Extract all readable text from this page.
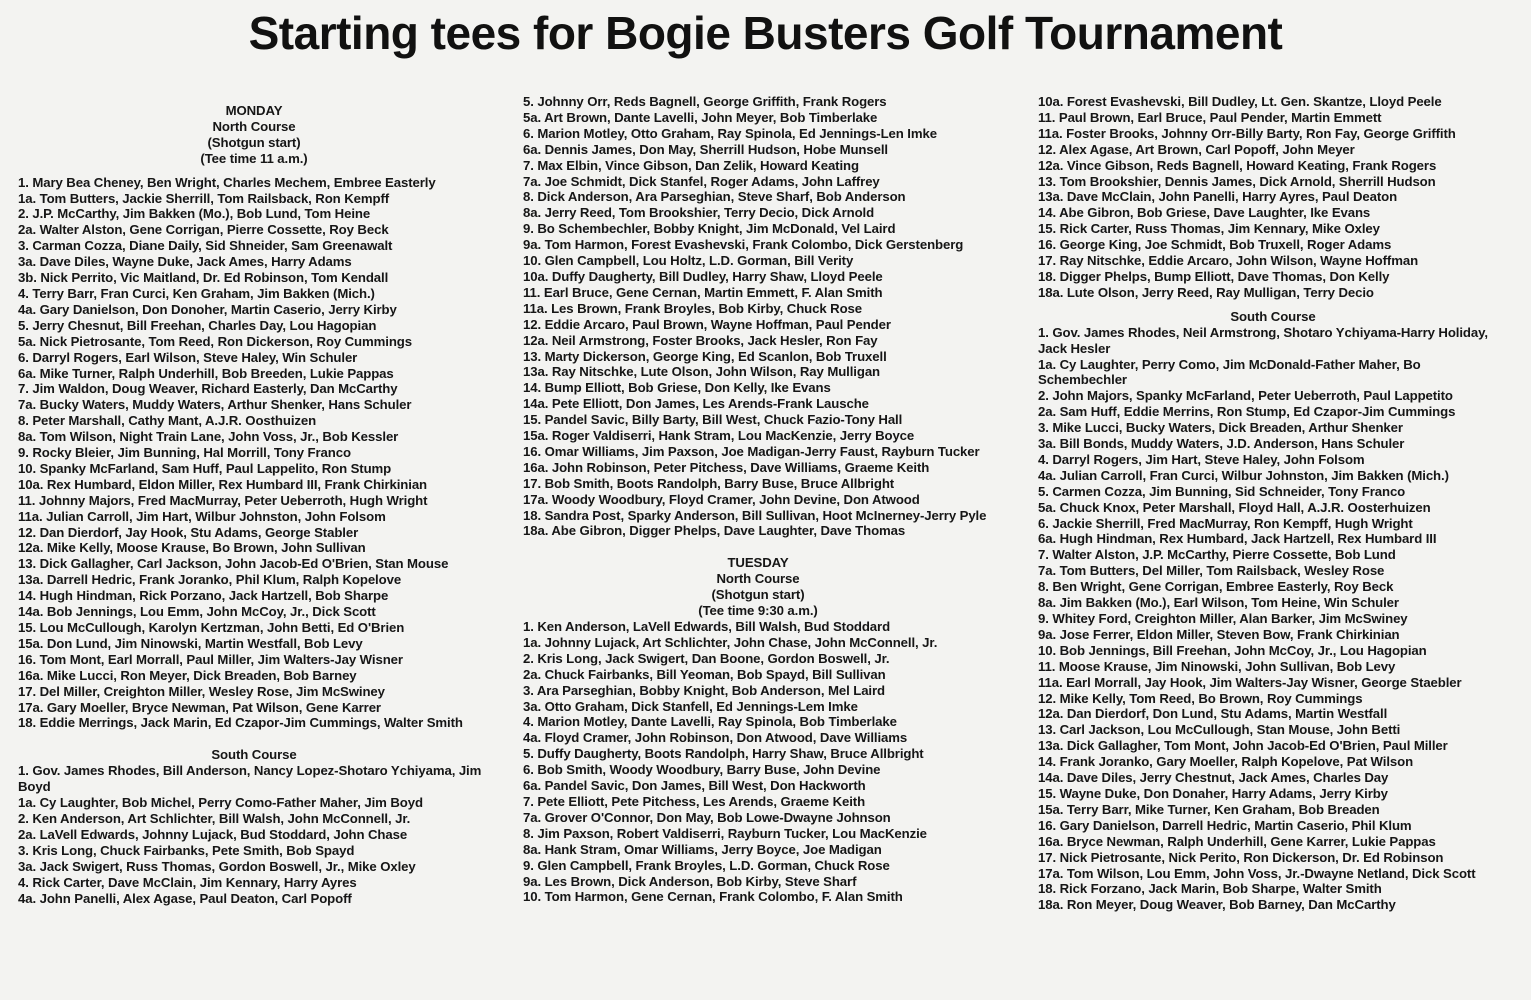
Starting tees for Bogie Busters Golf Tournament
MONDAY
North Course
(Shotgun start)
(Tee time 11 a.m.)
1. Mary Bea Cheney, Ben Wright, Charles Mechem, Embree Easterly
1a. Tom Butters, Jackie Sherrill, Tom Railsback, Ron Kempff
2. J.P. McCarthy, Jim Bakken (Mo.), Bob Lund, Tom Heine
2a. Walter Alston, Gene Corrigan, Pierre Cossette, Roy Beck
3. Carman Cozza, Diane Daily, Sid Shneider, Sam Greenawalt
3a. Dave Diles, Wayne Duke, Jack Ames, Harry Adams
3b. Nick Perrito, Vic Maitland, Dr. Ed Robinson, Tom Kendall
4. Terry Barr, Fran Curci, Ken Graham, Jim Bakken (Mich.)
4a. Gary Danielson, Don Donoher, Martin Caserio, Jerry Kirby
5. Jerry Chesnut, Bill Freehan, Charles Day, Lou Hagopian
5a. Nick Pietrosante, Tom Reed, Ron Dickerson, Roy Cummings
6. Darryl Rogers, Earl Wilson, Steve Haley, Win Schuler
6a. Mike Turner, Ralph Underhill, Bob Breeden, Lukie Pappas
7. Jim Waldon, Doug Weaver, Richard Easterly, Dan McCarthy
7a. Bucky Waters, Muddy Waters, Arthur Shenker, Hans Schuler
8. Peter Marshall, Cathy Mant, A.J.R. Oosthuizen
8a. Tom Wilson, Night Train Lane, John Voss, Jr., Bob Kessler
9. Rocky Bleier, Jim Bunning, Hal Morrill, Tony Franco
10. Spanky McFarland, Sam Huff, Paul Lappelito, Ron Stump
10a. Rex Humbard, Eldon Miller, Rex Humbard III, Frank Chirkinian
11. Johnny Majors, Fred MacMurray, Peter Ueberroth, Hugh Wright
11a. Julian Carroll, Jim Hart, Wilbur Johnston, John Folsom
12. Dan Dierdorf, Jay Hook, Stu Adams, George Stabler
12a. Mike Kelly, Moose Krause, Bo Brown, John Sullivan
13. Dick Gallagher, Carl Jackson, John Jacob-Ed O'Brien, Stan Mouse
13a. Darrell Hedric, Frank Joranko, Phil Klum, Ralph Kopelove
14. Hugh Hindman, Rick Porzano, Jack Hartzell, Bob Sharpe
14a. Bob Jennings, Lou Emm, John McCoy, Jr., Dick Scott
15. Lou McCullough, Karolyn Kertzman, John Betti, Ed O'Brien
15a. Don Lund, Jim Ninowski, Martin Westfall, Bob Levy
16. Tom Mont, Earl Morrall, Paul Miller, Jim Walters-Jay Wisner
16a. Mike Lucci, Ron Meyer, Dick Breaden, Bob Barney
17. Del Miller, Creighton Miller, Wesley Rose, Jim McSwiney
17a. Gary Moeller, Bryce Newman, Pat Wilson, Gene Karrer
18. Eddie Merrings, Jack Marin, Ed Czapor-Jim Cummings, Walter Smith
South Course
1. Gov. James Rhodes, Bill Anderson, Nancy Lopez-Shotaro Ychiyama, Jim Boyd
1a. Cy Laughter, Bob Michel, Perry Como-Father Maher, Jim Boyd
2. Ken Anderson, Art Schlichter, Bill Walsh, John McConnell, Jr.
2a. LaVell Edwards, Johnny Lujack, Bud Stoddard, John Chase
3. Kris Long, Chuck Fairbanks, Pete Smith, Bob Spayd
3a. Jack Swigert, Russ Thomas, Gordon Boswell, Jr., Mike Oxley
4. Rick Carter, Dave McClain, Jim Kennary, Harry Ayres
4a. John Panelli, Alex Agase, Paul Deaton, Carl Popoff
5. Johnny Orr, Reds Bagnell, George Griffith, Frank Rogers
5a. Art Brown, Dante Lavelli, John Meyer, Bob Timberlake
6. Marion Motley, Otto Graham, Ray Spinola, Ed Jennings-Len Imke
6a. Dennis James, Don May, Sherrill Hudson, Hobe Munsell
7. Max Elbin, Vince Gibson, Dan Zelik, Howard Keating
7a. Joe Schmidt, Dick Stanfel, Roger Adams, John Laffrey
8. Dick Anderson, Ara Parseghian, Steve Sharf, Bob Anderson
8a. Jerry Reed, Tom Brookshier, Terry Decio, Dick Arnold
9. Bo Schembechler, Bobby Knight, Jim McDonald, Vel Laird
9a. Tom Harmon, Forest Evashevski, Frank Colombo, Dick Gerstenberg
10. Glen Campbell, Lou Holtz, L.D. Gorman, Bill Verity
10a. Duffy Daugherty, Bill Dudley, Harry Shaw, Lloyd Peele
11. Earl Bruce, Gene Cernan, Martin Emmett, F. Alan Smith
11a. Les Brown, Frank Broyles, Bob Kirby, Chuck Rose
12. Eddie Arcaro, Paul Brown, Wayne Hoffman, Paul Pender
12a. Neil Armstrong, Foster Brooks, Jack Hesler, Ron Fay
13. Marty Dickerson, George King, Ed Scanlon, Bob Truxell
13a. Ray Nitschke, Lute Olson, John Wilson, Ray Mulligan
14. Bump Elliott, Bob Griese, Don Kelly, Ike Evans
14a. Pete Elliott, Don James, Les Arends-Frank Lausche
15. Pandel Savic, Billy Barty, Bill West, Chuck Fazio-Tony Hall
15a. Roger Valdiserri, Hank Stram, Lou MacKenzie, Jerry Boyce
16. Omar Williams, Jim Paxson, Joe Madigan-Jerry Faust, Rayburn Tucker
16a. John Robinson, Peter Pitchess, Dave Williams, Graeme Keith
17. Bob Smith, Boots Randolph, Barry Buse, Bruce Allbright
17a. Woody Woodbury, Floyd Cramer, John Devine, Don Atwood
18. Sandra Post, Sparky Anderson, Bill Sullivan, Hoot McInerney-Jerry Pyle
18a. Abe Gibron, Digger Phelps, Dave Laughter, Dave Thomas
TUESDAY
North Course
(Shotgun start)
(Tee time 9:30 a.m.)
1. Ken Anderson, LaVell Edwards, Bill Walsh, Bud Stoddard
1a. Johnny Lujack, Art Schlichter, John Chase, John McConnell, Jr.
2. Kris Long, Jack Swigert, Dan Boone, Gordon Boswell, Jr.
2a. Chuck Fairbanks, Bill Yeoman, Bob Spayd, Bill Sullivan
3. Ara Parseghian, Bobby Knight, Bob Anderson, Mel Laird
3a. Otto Graham, Dick Stanfell, Ed Jennings-Lem Imke
4. Marion Motley, Dante Lavelli, Ray Spinola, Bob Timberlake
4a. Floyd Cramer, John Robinson, Don Atwood, Dave Williams
5. Duffy Daugherty, Boots Randolph, Harry Shaw, Bruce Allbright
6. Bob Smith, Woody Woodbury, Barry Buse, John Devine
6a. Pandel Savic, Don James, Bill West, Don Hackworth
7. Pete Elliott, Pete Pitchess, Les Arends, Graeme Keith
7a. Grover O'Connor, Don May, Bob Lowe-Dwayne Johnson
8. Jim Paxson, Robert Valdiserri, Rayburn Tucker, Lou MacKenzie
8a. Hank Stram, Omar Williams, Jerry Boyce, Joe Madigan
9. Glen Campbell, Frank Broyles, L.D. Gorman, Chuck Rose
9a. Les Brown, Dick Anderson, Bob Kirby, Steve Sharf
10. Tom Harmon, Gene Cernan, Frank Colombo, F. Alan Smith
10a. Forest Evashevski, Bill Dudley, Lt. Gen. Skantze, Lloyd Peele
11. Paul Brown, Earl Bruce, Paul Pender, Martin Emmett
11a. Foster Brooks, Johnny Orr-Billy Barty, Ron Fay, George Griffith
12. Alex Agase, Art Brown, Carl Popoff, John Meyer
12a. Vince Gibson, Reds Bagnell, Howard Keating, Frank Rogers
13. Tom Brookshier, Dennis James, Dick Arnold, Sherrill Hudson
13a. Dave McClain, John Panelli, Harry Ayres, Paul Deaton
14. Abe Gibron, Bob Griese, Dave Laughter, Ike Evans
15. Rick Carter, Russ Thomas, Jim Kennary, Mike Oxley
16. George King, Joe Schmidt, Bob Truxell, Roger Adams
17. Ray Nitschke, Eddie Arcaro, John Wilson, Wayne Hoffman
18. Digger Phelps, Bump Elliott, Dave Thomas, Don Kelly
18a. Lute Olson, Jerry Reed, Ray Mulligan, Terry Decio
South Course
1. Gov. James Rhodes, Neil Armstrong, Shotaro Ychiyama-Harry Holiday, Jack Hesler
1a. Cy Laughter, Perry Como, Jim McDonald-Father Maher, Bo Schembechler
2. John Majors, Spanky McFarland, Peter Ueberroth, Paul Lappetito
2a. Sam Huff, Eddie Merrins, Ron Stump, Ed Czapor-Jim Cummings
3. Mike Lucci, Bucky Waters, Dick Breaden, Arthur Shenker
3a. Bill Bonds, Muddy Waters, J.D. Anderson, Hans Schuler
4. Darryl Rogers, Jim Hart, Steve Haley, John Folsom
4a. Julian Carroll, Fran Curci, Wilbur Johnston, Jim Bakken (Mich.)
5. Carmen Cozza, Jim Bunning, Sid Schneider, Tony Franco
5a. Chuck Knox, Peter Marshall, Floyd Hall, A.J.R. Oosterhuizen
6. Jackie Sherrill, Fred MacMurray, Ron Kempff, Hugh Wright
6a. Hugh Hindman, Rex Humbard, Jack Hartzell, Rex Humbard III
7. Walter Alston, J.P. McCarthy, Pierre Cossette, Bob Lund
7a. Tom Butters, Del Miller, Tom Railsback, Wesley Rose
8. Ben Wright, Gene Corrigan, Embree Easterly, Roy Beck
8a. Jim Bakken (Mo.), Earl Wilson, Tom Heine, Win Schuler
9. Whitey Ford, Creighton Miller, Alan Barker, Jim McSwiney
9a. Jose Ferrer, Eldon Miller, Steven Bow, Frank Chirkinian
10. Bob Jennings, Bill Freehan, John McCoy, Jr., Lou Hagopian
11. Moose Krause, Jim Ninowski, John Sullivan, Bob Levy
11a. Earl Morrall, Jay Hook, Jim Walters-Jay Wisner, George Staebler
12. Mike Kelly, Tom Reed, Bo Brown, Roy Cummings
12a. Dan Dierdorf, Don Lund, Stu Adams, Martin Westfall
13. Carl Jackson, Lou McCullough, Stan Mouse, John Betti
13a. Dick Gallagher, Tom Mont, John Jacob-Ed O'Brien, Paul Miller
14. Frank Joranko, Gary Moeller, Ralph Kopelove, Pat Wilson
14a. Dave Diles, Jerry Chestnut, Jack Ames, Charles Day
15. Wayne Duke, Don Donaher, Harry Adams, Jerry Kirby
15a. Terry Barr, Mike Turner, Ken Graham, Bob Breaden
16. Gary Danielson, Darrell Hedric, Martin Caserio, Phil Klum
16a. Bryce Newman, Ralph Underhill, Gene Karrer, Lukie Pappas
17. Nick Pietrosante, Nick Perito, Ron Dickerson, Dr. Ed Robinson
17a. Tom Wilson, Lou Emm, John Voss, Jr.-Dwayne Netland, Dick Scott
18. Rick Forzano, Jack Marin, Bob Sharpe, Walter Smith
18a. Ron Meyer, Doug Weaver, Bob Barney, Dan McCarthy
